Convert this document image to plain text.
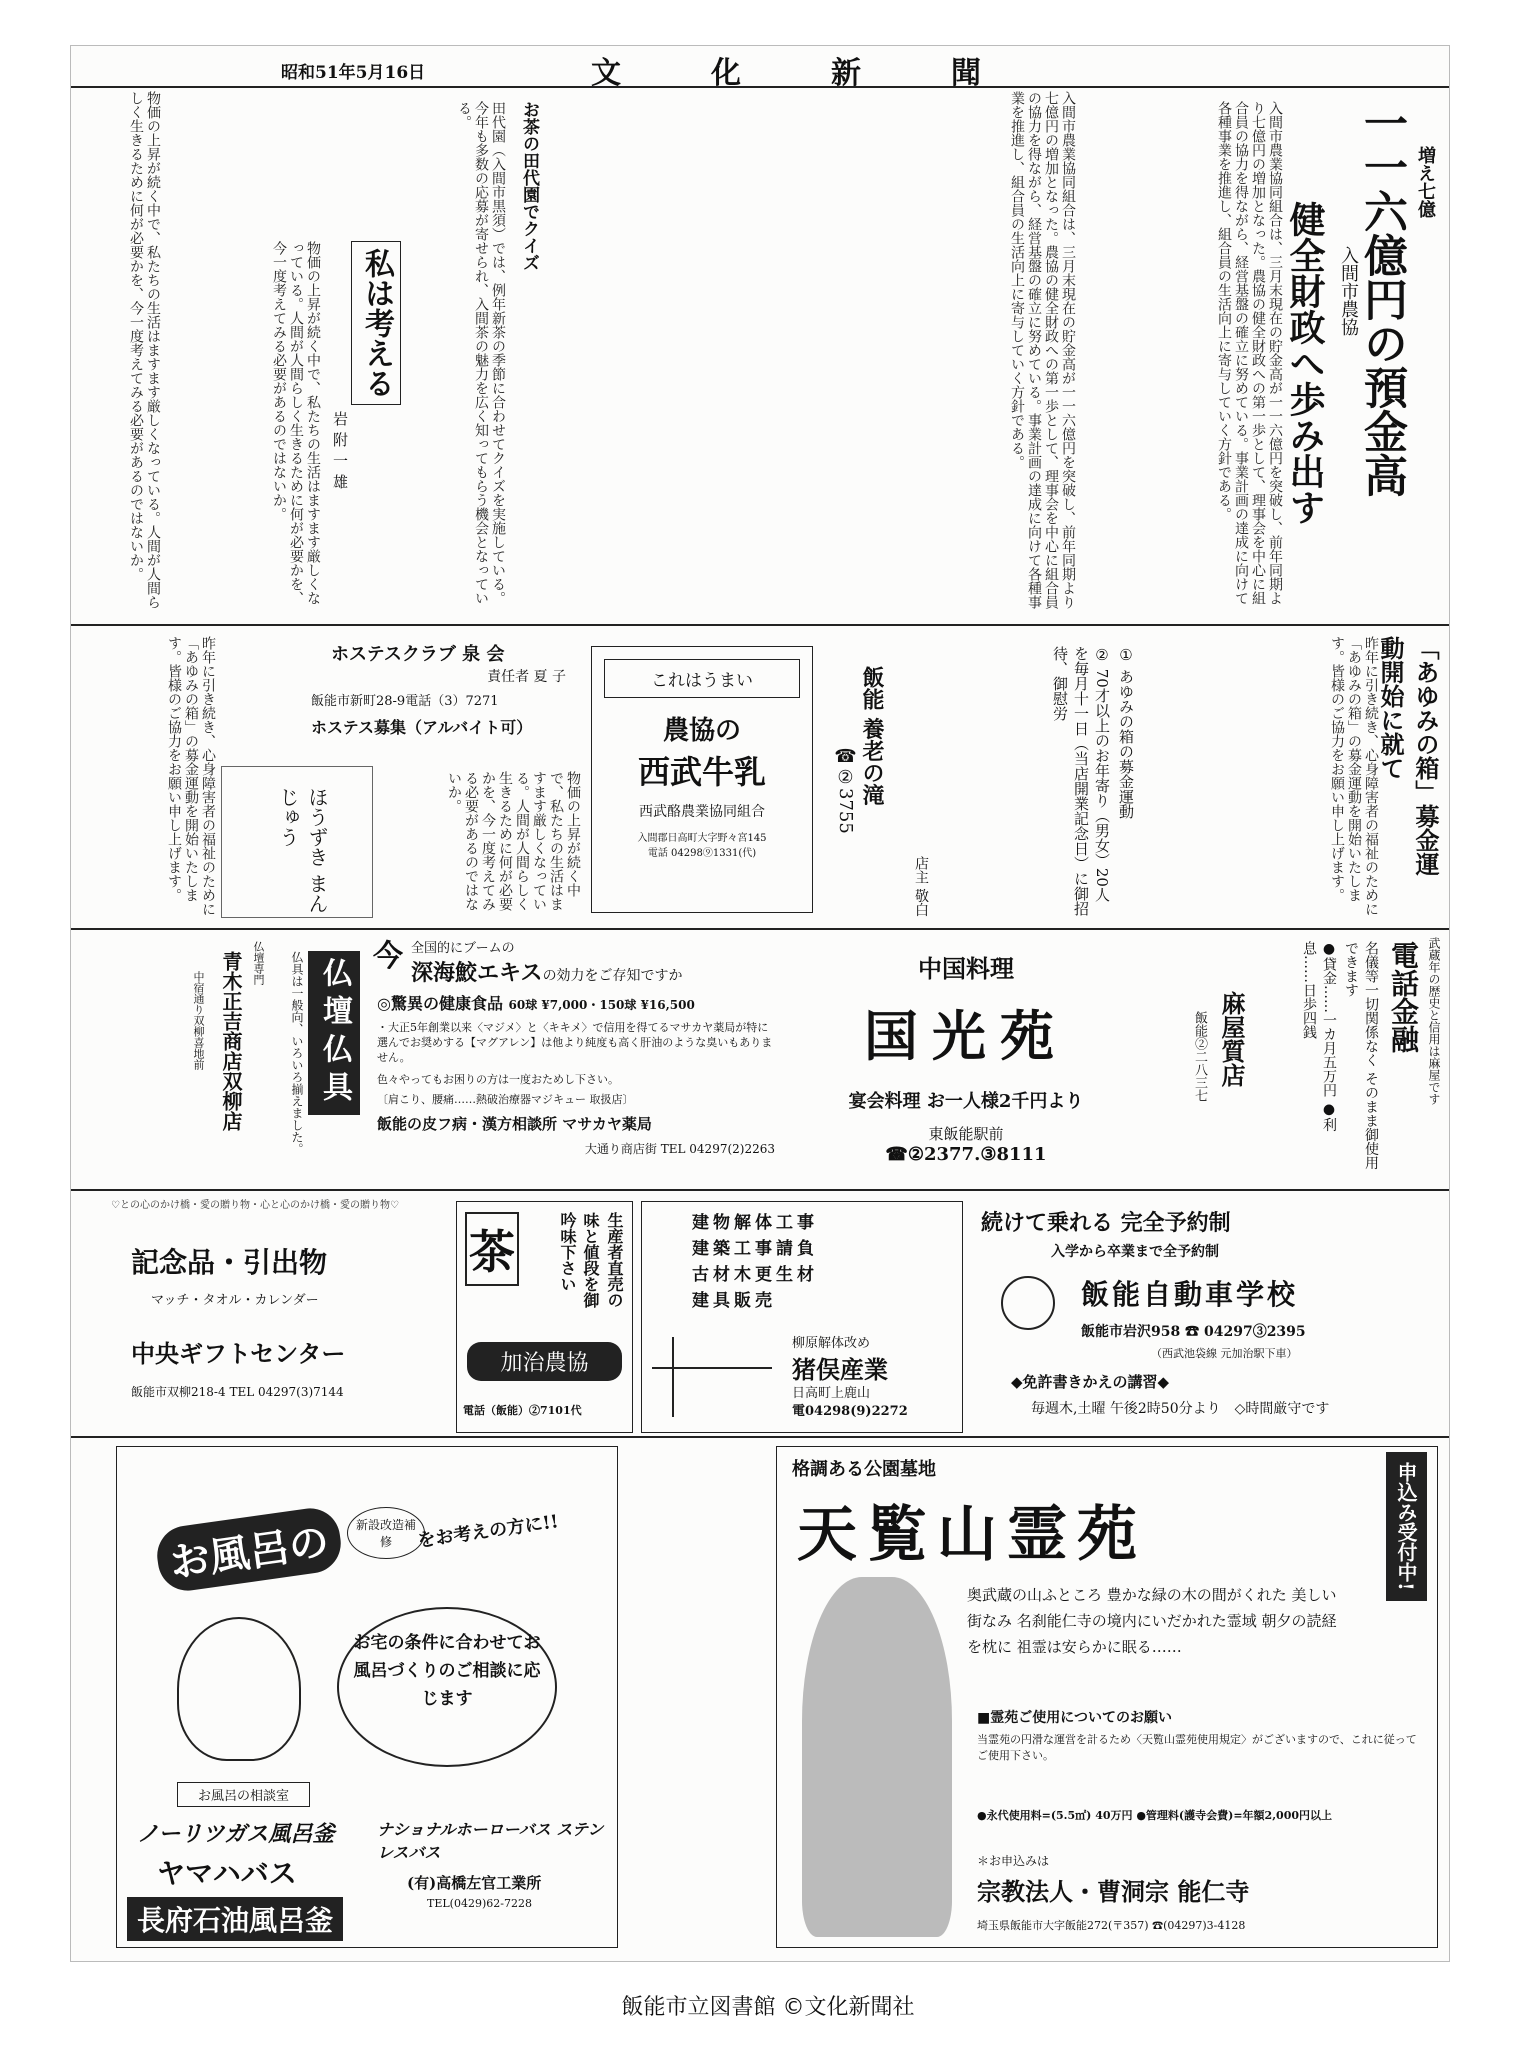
昭和51年5月16日	文化新聞
増え七億
一一六億円の預金高
入間市農協
健全財政へ歩み出す
入間市農業協同組合は、三月末現在の貯金高が一一六億円を突破し、前年同期より七億円の増加となった。農協の健全財政への第一歩として、理事会を中心に組合員の協力を得ながら、経営基盤の確立に努めている。事業計画の達成に向けて各種事業を推進し、組合員の生活向上に寄与していく方針である。
入間市農業協同組合は、三月末現在の貯金高が一一六億円を突破し、前年同期より七億円の増加となった。農協の健全財政への第一歩として、理事会を中心に組合員の協力を得ながら、経営基盤の確立に努めている。事業計画の達成に向けて各種事業を推進し、組合員の生活向上に寄与していく方針である。
お茶の田代園でクイズ
田代園（入間市黒須）では、例年新茶の季節に合わせてクイズを実施している。今年も多数の応募が寄せられ、入間茶の魅力を広く知ってもらう機会となっている。
私は考える
岩附一雄
物価の上昇が続く中で、私たちの生活はますます厳しくなっている。人間が人間らしく生きるために何が必要かを、今一度考えてみる必要があるのではないか。
物価の上昇が続く中で、私たちの生活はますます厳しくなっている。人間が人間らしく生きるために何が必要かを、今一度考えてみる必要があるのではないか。
「あゆみの箱」募金運動開始に就て
昨年に引き続き、心身障害者の福祉のために「あゆみの箱」の募金運動を開始いたします。皆様のご協力をお願い申し上げます。
① あゆみの箱の募金運動
② 70才以上のお年寄り（男女）20人を毎月十一日（当店開業記念日）に御招待、御慰労
店主 敬白
飯能 養老の滝
☎②3755
これはうまい
農協の
西武牛乳
西武酪農業協同組合
入間郡日高町大字野々宮145
電話 04298⑨1331(代)
ホステスクラブ 泉 会
責任者 夏 子
飯能市新町28-9電話（3）7271
ホステス募集（アルバイト可）
物価の上昇が続く中で、私たちの生活はますます厳しくなっている。人間が人間らしく生きるために何が必要かを、今一度考えてみる必要があるのではないか。
ほうずき まんじゅう
昨年に引き続き、心身障害者の福祉のために「あゆみの箱」の募金運動を開始いたします。皆様のご協力をお願い申し上げます。
武蔵年の歴史と信用は麻屋です
電話金融
名儀等一切関係なく そのまま御使用できます
●貸金……一カ月五万円 ●利息……日歩四銭
麻屋質店
飯能②二八三七
中国料理
国光苑
宴会料理 お一人様2千円より
東飯能駅前
☎②2377.③8111
全国的にブームの
深海鮫エキスの効力をご存知ですか
今
◎驚異の健康食品 60球 ¥7,000・150球 ¥16,500
・大正5年創業以来〈マジメ〉と〈キキメ〉で信用を得てるマサカヤ薬局が特に選んでお奨めする【マグアレン】は他より純度も高く肝油のような臭いもありません。
色々やってもお困りの方は一度おためし下さい。
〔肩こり、腰痛……熱破治療器マジキュー 取扱店〕
飯能の皮フ病・漢方相談所 マサカヤ薬局
大通り商店街 TEL 04297(2)2263
仏壇仏具
仏具は一般向、いろいろ揃えました。
仏壇専門
青木正吉商店双柳店
中宿通り双柳喜地前
♡との心のかけ橋・愛の贈り物・心と心のかけ橋・愛の贈り物♡
記念品・引出物
マッチ・タオル・カレンダー
中央ギフトセンター
飯能市双柳218-4 TEL 04297(3)7144
生産者直売の
味と値段を御吟味下さい
茶
加治農協
電話（飯能）②7101代
建物解体工事
建築工事請負
古材木更生材
建具販売
柳原解体改め
猪俣産業
日高町上鹿山
電04298(9)2272
続けて乗れる 完全予約制
入学から卒業まで全予約制
飯能自動車学校
飯能市岩沢958 ☎ 04297③2395
（西武池袋線 元加治駅下車）
◆免許書きかえの講習◆
毎週木,土曜 午後2時50分より　 ◇時間厳守です
お風呂の	新設改造補修	をお考えの方に!!
お宅の条件に合わせてお風呂づくりのご相談に応じます
お風呂の相談室
ノーリツガス風呂釜	ナショナルホーローバス ステンレスバス
ヤマハバス
長府石油風呂釜
(有)高橋左官工業所
TEL(0429)62-7228
格調ある公園墓地
天覧山霊苑	申込み受付中!
奥武蔵の山ふところ 豊かな緑の木の間がくれた 美しい街なみ 名刹能仁寺の境内にいだかれた霊域 朝夕の読経を枕に 祖霊は安らかに眠る……
■霊苑ご使用についてのお願い
当霊苑の円滑な運営を計るため〈天覧山霊苑使用規定〉がございますので、これに従ってご使用下さい。
●永代使用料=(5.5㎡) 40万円 ●管理料(護寺会費)=年額2,000円以上
＊お申込みは
宗教法人・曹洞宗 能仁寺
埼玉県飯能市大字飯能272(〒357) ☎(04297)3-4128
飯能市立図書館 ©文化新聞社
